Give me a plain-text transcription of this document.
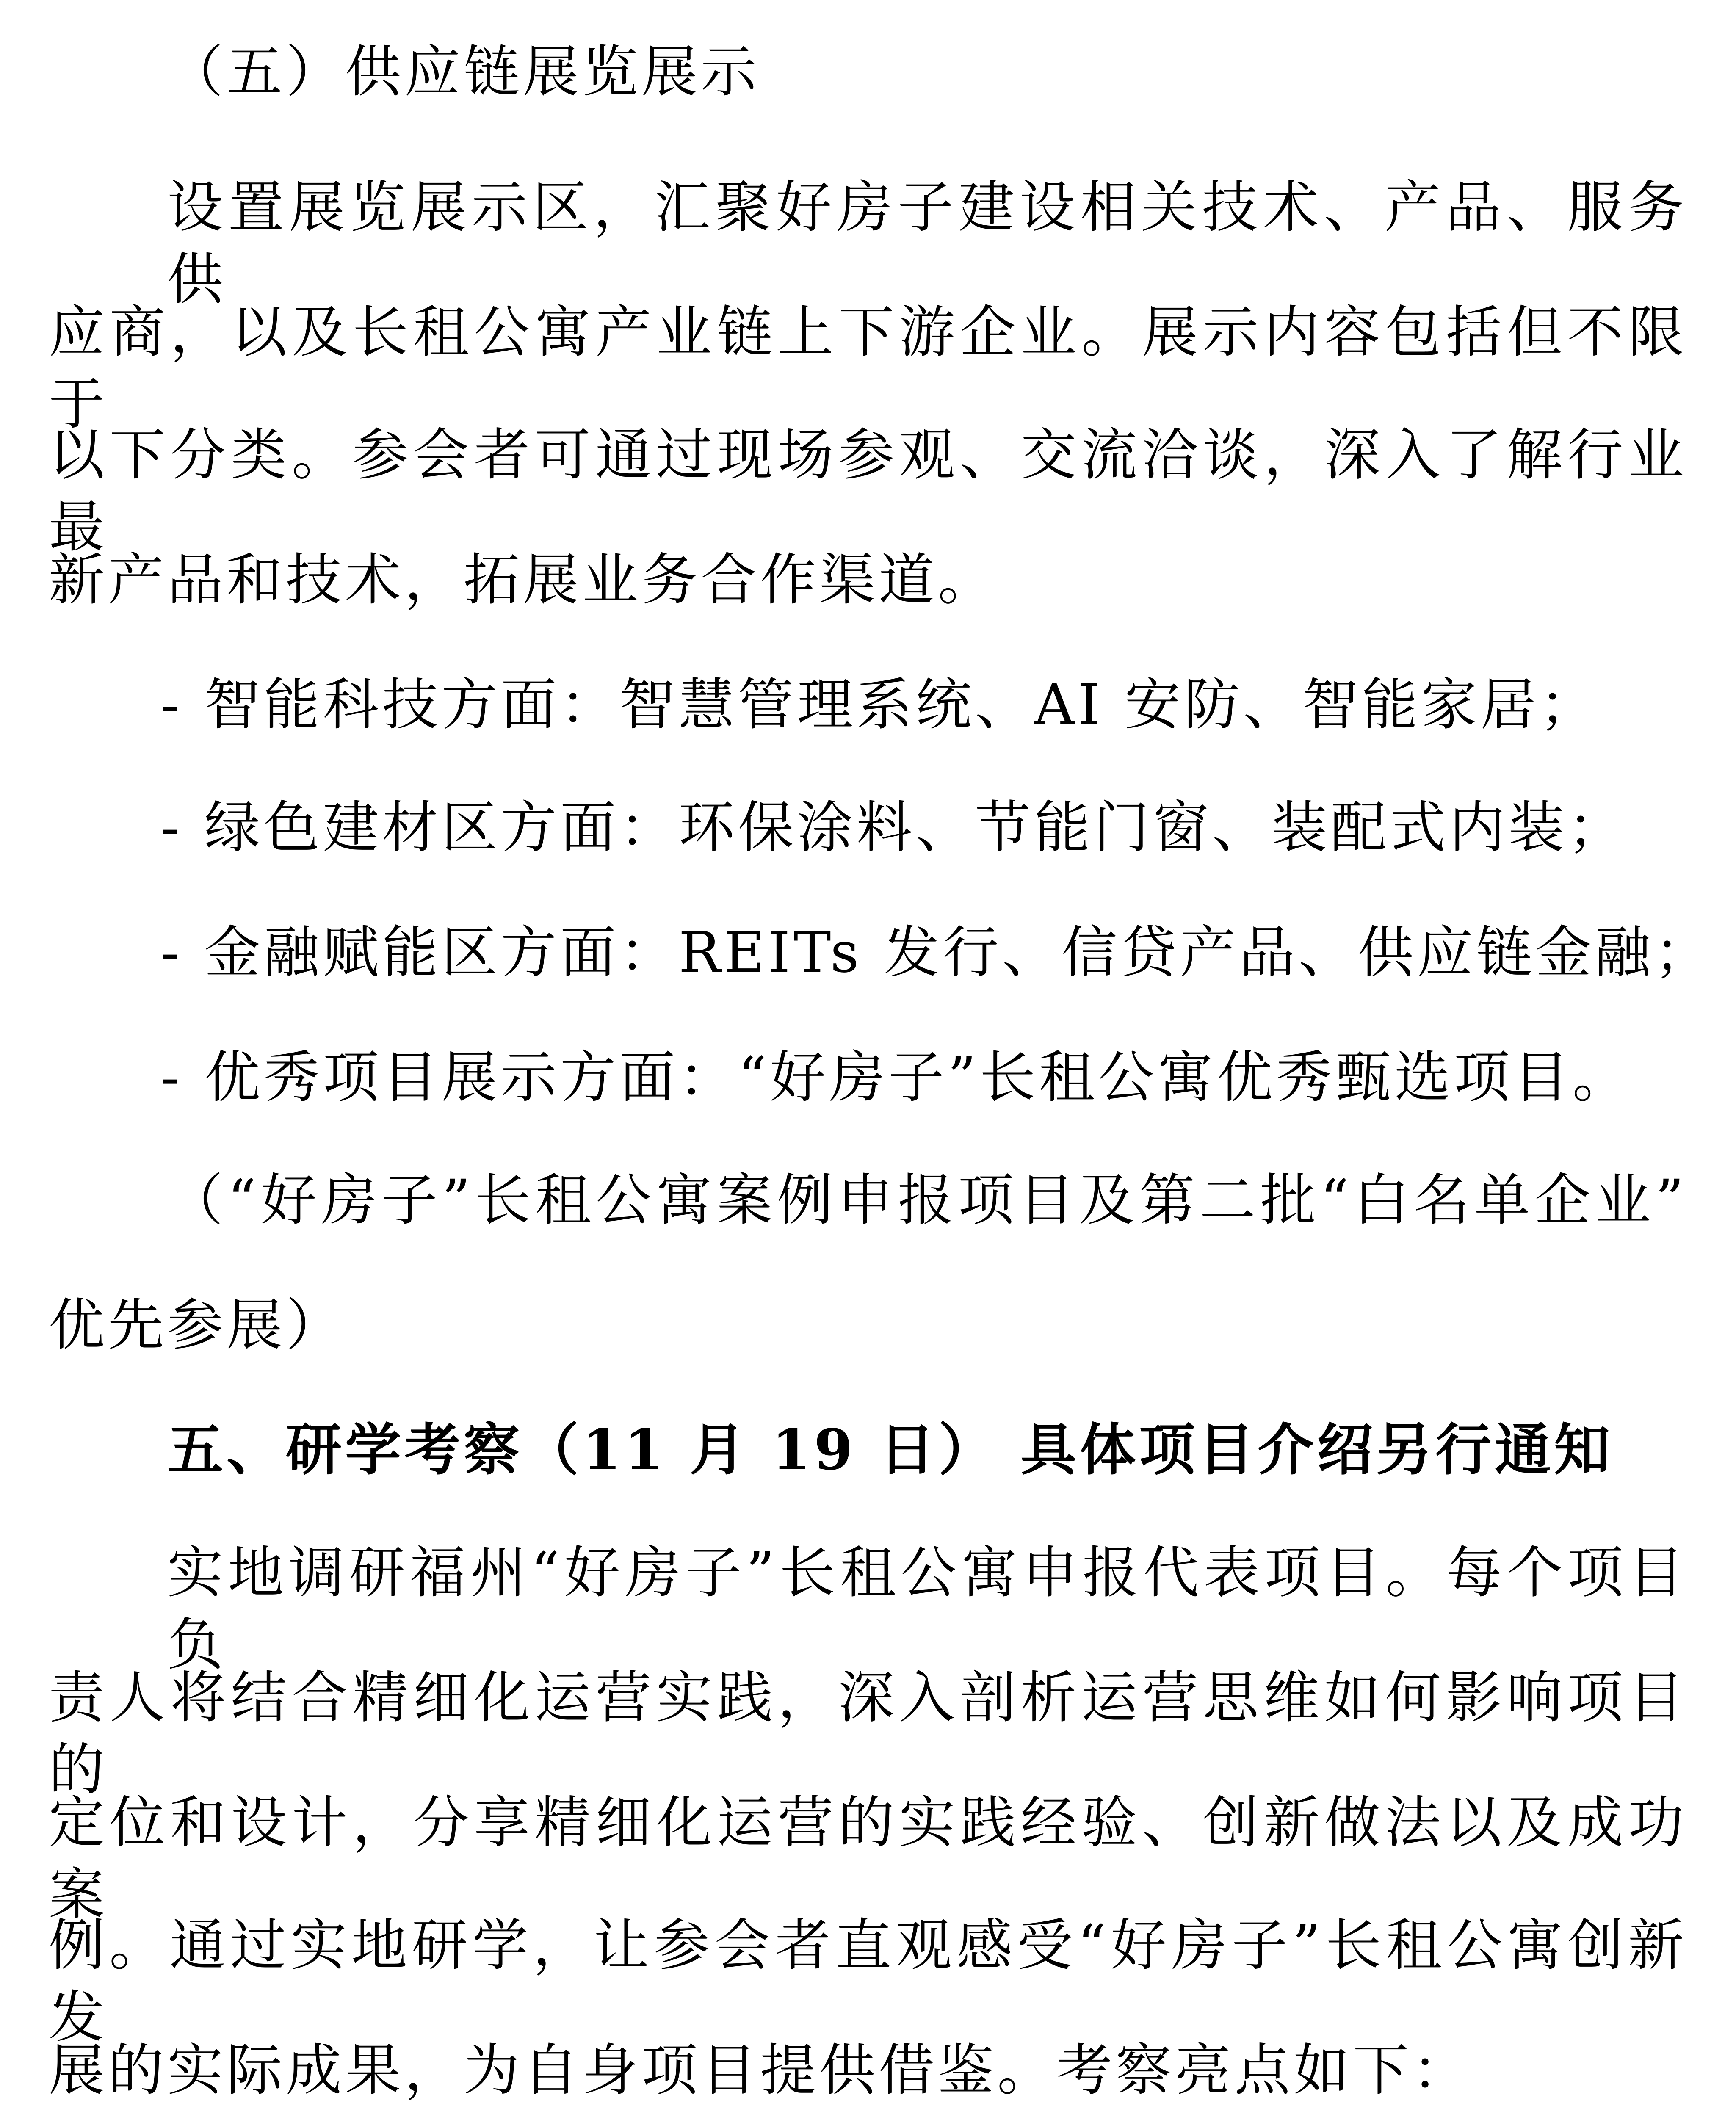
（五）供应链展览展示
设置展览展示区，汇聚好房子建设相关技术、产品、服务供
应商，以及长租公寓产业链上下游企业。展示内容包括但不限于
以下分类。参会者可通过现场参观、交流洽谈，深入了解行业最
新产品和技术，拓展业务合作渠道。
- 智能科技方面：智慧管理系统、AI 安防、智能家居；
- 绿色建材区方面：环保涂料、节能门窗、装配式内装；
- 金融赋能区方面：REITs 发行、信贷产品、供应链金融；
- 优秀项目展示方面：“好房子”长租公寓优秀甄选项目。
（“好房子”长租公寓案例申报项目及第二批“白名单企业”
优先参展）
五、研学考察（11 月 19 日） 具体项目介绍另行通知
实地调研福州“好房子”长租公寓申报代表项目。每个项目负
责人将结合精细化运营实践，深入剖析运营思维如何影响项目的
定位和设计，分享精细化运营的实践经验、创新做法以及成功案
例。通过实地研学，让参会者直观感受“好房子”长租公寓创新发
展的实际成果，为自身项目提供借鉴。考察亮点如下：
